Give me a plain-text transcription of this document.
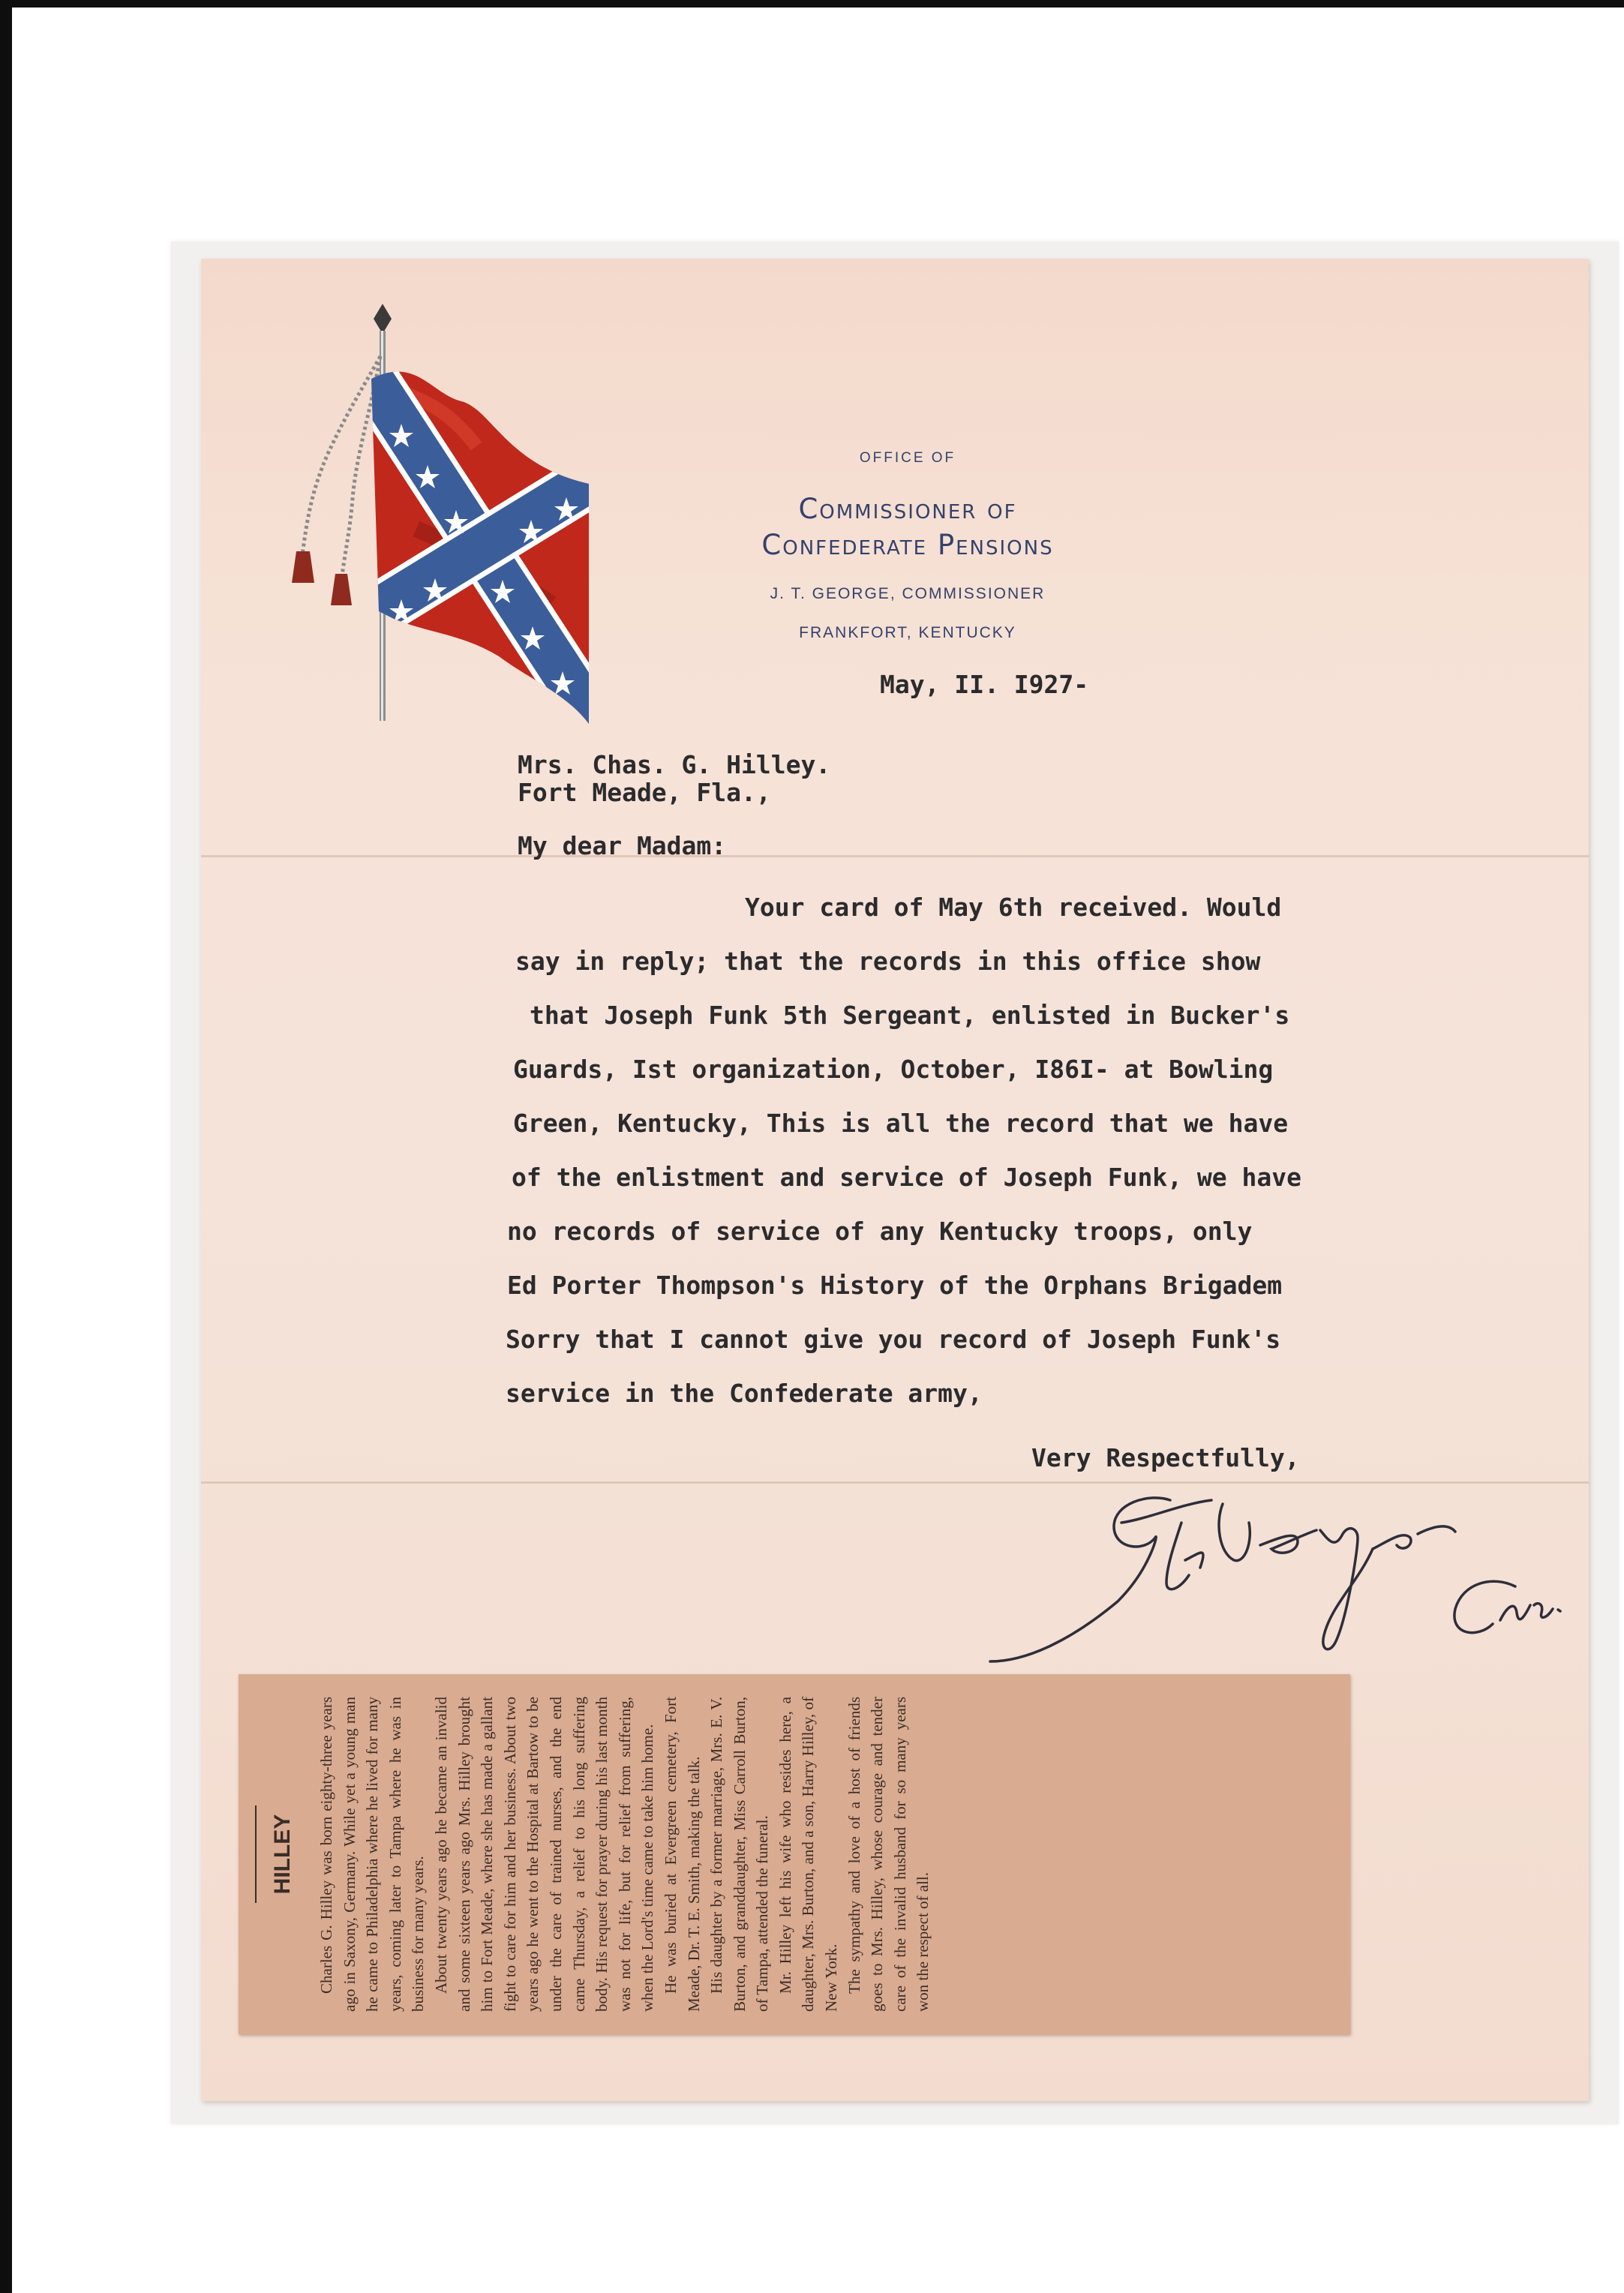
OFFICE OF
Commissioner of
Confederate Pensions
J. T. GEORGE, COMMISSIONER
FRANKFORT, KENTUCKY
May, II. I927-
Mrs. Chas. G. Hilley.
Fort Meade, Fla.,
My dear Madam:
Your card of May 6th received. Would
say in reply; that the records in this office show
that Joseph Funk 5th Sergeant, enlisted in Bucker's
Guards, Ist organization, October, I86I- at Bowling
Green, Kentucky, This is all the record that we have
of the enlistment and service of Joseph Funk, we have
no records of service of any Kentucky troops, only
Ed Porter Thompson's History of the Orphans Brigadem
Sorry that I cannot give you record of Joseph Funk's
service in the Confederate army,
Very Respectfully,
HILLEY Charles G. Hilley was born eighty-three years ago in Saxony, Germany. While yet a young man he came to Philadelphia where he lived for many years, coming later to Tampa where he was in business for many years. About twenty years ago he became an invalid and some sixteen years ago Mrs. Hilley brought him to Fort Meade, where she has made a gallant fight to care for him and her business. About two years ago he went to the Hospital at Bartow to be under the care of trained nurses, and the end came Thursday, a relief to his long suffering body. His request for prayer during his last month was not for life, but for relief from suffering, when the Lord's time came to take him home. He was buried at Evergreen cemetery, Fort Meade, Dr. T. E. Smith, making the talk. His daughter by a former marriage, Mrs. E. V. Burton, and granddaughter, Miss Carroll Burton, of Tampa, attended the funeral. Mr. Hilley left his wife who resides here, a daughter, Mrs. Burton, and a son, Harry Hilley, of New York. The sympathy and love of a host of friends goes to Mrs. Hilley, whose courage and tender care of the invalid husband for so many years won the respect of all.
